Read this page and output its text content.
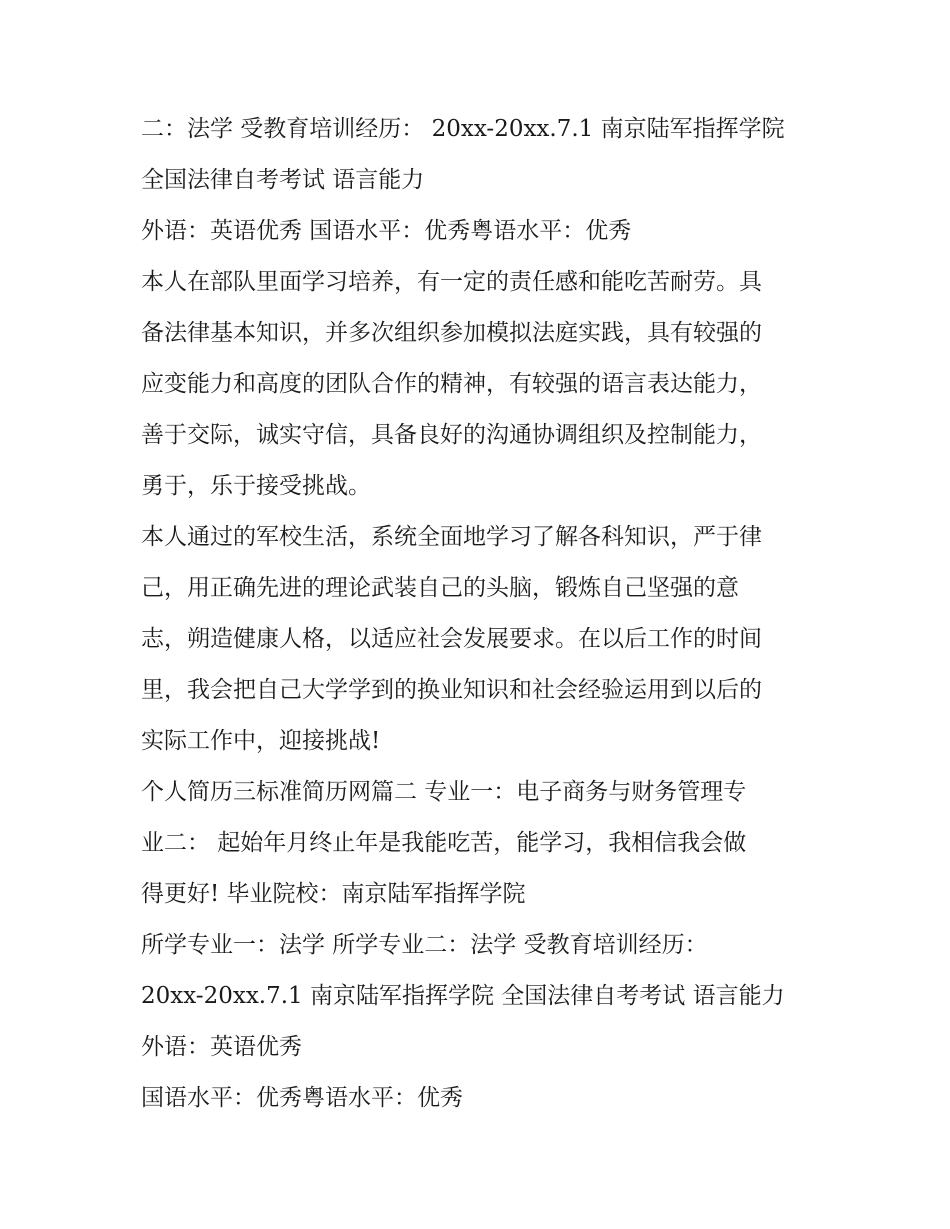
二：法学 受教育培训经历： 20xx-20xx.7.1 南京陆军指挥学院
全国法律自考考试 语言能力
外语：英语优秀 国语水平：优秀粤语水平：优秀
本人在部队里面学习培养，有一定的责任感和能吃苦耐劳。具
备法律基本知识，并多次组织参加模拟法庭实践，具有较强的
应变能力和高度的团队合作的精神，有较强的语言表达能力，
善于交际，诚实守信，具备良好的沟通协调组织及控制能力，
勇于，乐于接受挑战。
本人通过的军校生活，系统全面地学习了解各科知识，严于律
己，用正确先进的理论武装自己的头脑，锻炼自己坚强的意
志，朔造健康人格，以适应社会发展要求。在以后工作的时间
里，我会把自己大学学到的换业知识和社会经验运用到以后的
实际工作中，迎接挑战!
个人简历三标准简历网篇二 专业一：电子商务与财务管理专
业二： 起始年月终止年是我能吃苦，能学习，我相信我会做
得更好! 毕业院校：南京陆军指挥学院
所学专业一：法学 所学专业二：法学 受教育培训经历：
20xx-20xx.7.1 南京陆军指挥学院 全国法律自考考试 语言能力
外语：英语优秀
国语水平：优秀粤语水平：优秀
